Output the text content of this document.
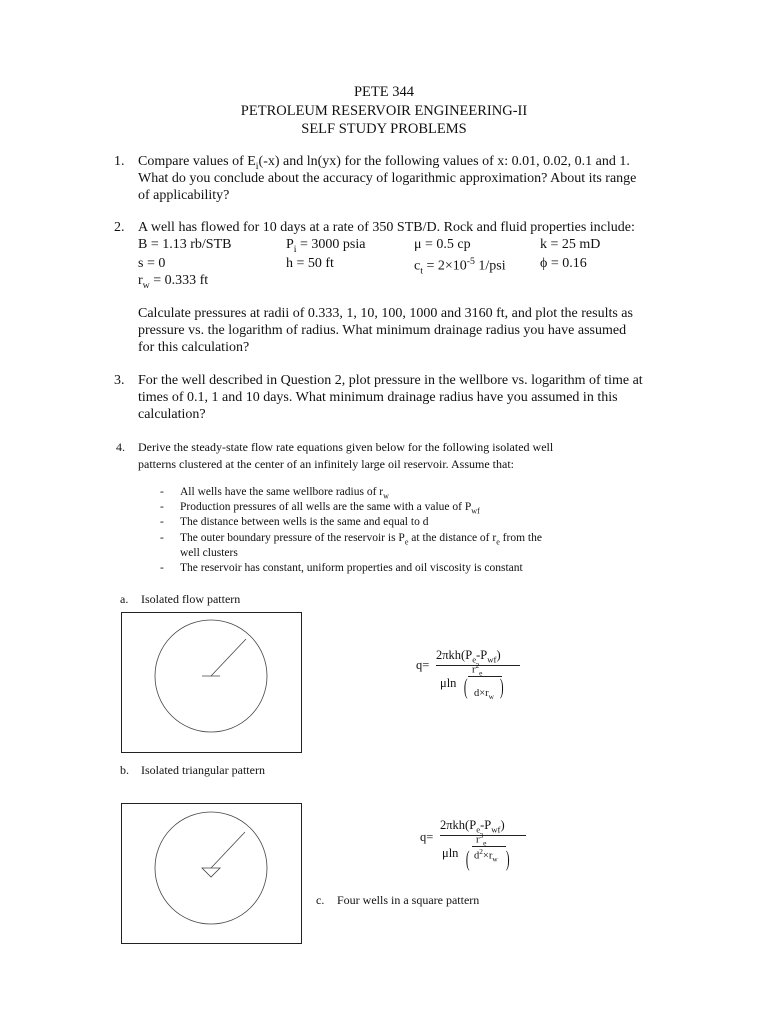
PETE 344
PETROLEUM RESERVOIR ENGINEERING-II
SELF STUDY PROBLEMS
1. Compare values of $E_i(-x)$ and ln(yx) for the following values of x: 0.01, 0.02, 0.1 and 1.
What do you conclude about the accuracy of logarithmic approximation? About its range
of applicability?
2. A well has flowed for 10 days at a rate of 350 STB/D. Rock and fluid properties include:
B = 1.13 rb/STB	$P_i = 3000$ psia	μ = 0.5 cp	k = 25 mD
s = 0	h = 50 ft	$c_t = 2\times 10^{-5}$ 1/psi ϕ = 0.16
$r_w = 0.333$ ft
Calculate pressures at radii of 0.333, 1, 10, 100, 1000 and 3160 ft, and plot the results as
pressure vs. the logarithm of radius. What minimum drainage radius you have assumed
for this calculation?
3. For the well described in Question 2, plot pressure in the wellbore vs. logarithm of time at
times of 0.1, 1 and 10 days. What minimum drainage radius have you assumed in this
calculation?
4. Derive the steady-state flow rate equations given below for the following isolated well
patterns clustered at the center of an infinitely large oil reservoir. Assume that:
- All wells have the same wellbore radius of $r_w$
- Production pressures of all wells are the same with a value of $P_{wf}$
- The distance between wells is the same and equal to d
- The outer boundary pressure of the reservoir is $P_e$ at the distance of $r_e$ from the
well clusters
- The reservoir has constant, uniform properties and oil viscosity is constant
a. Isolated flow pattern
q=
$2\pi kh(P_e-P_{wf})$
μln
$r^2_e$
$d\times r_w$
( )
b. Isolated triangular pattern
q=
$2\pi kh(P_e-P_{wf})$
μln
$r^3_e$
$d^2\times r_w$
( )
c. Four wells in a square pattern
